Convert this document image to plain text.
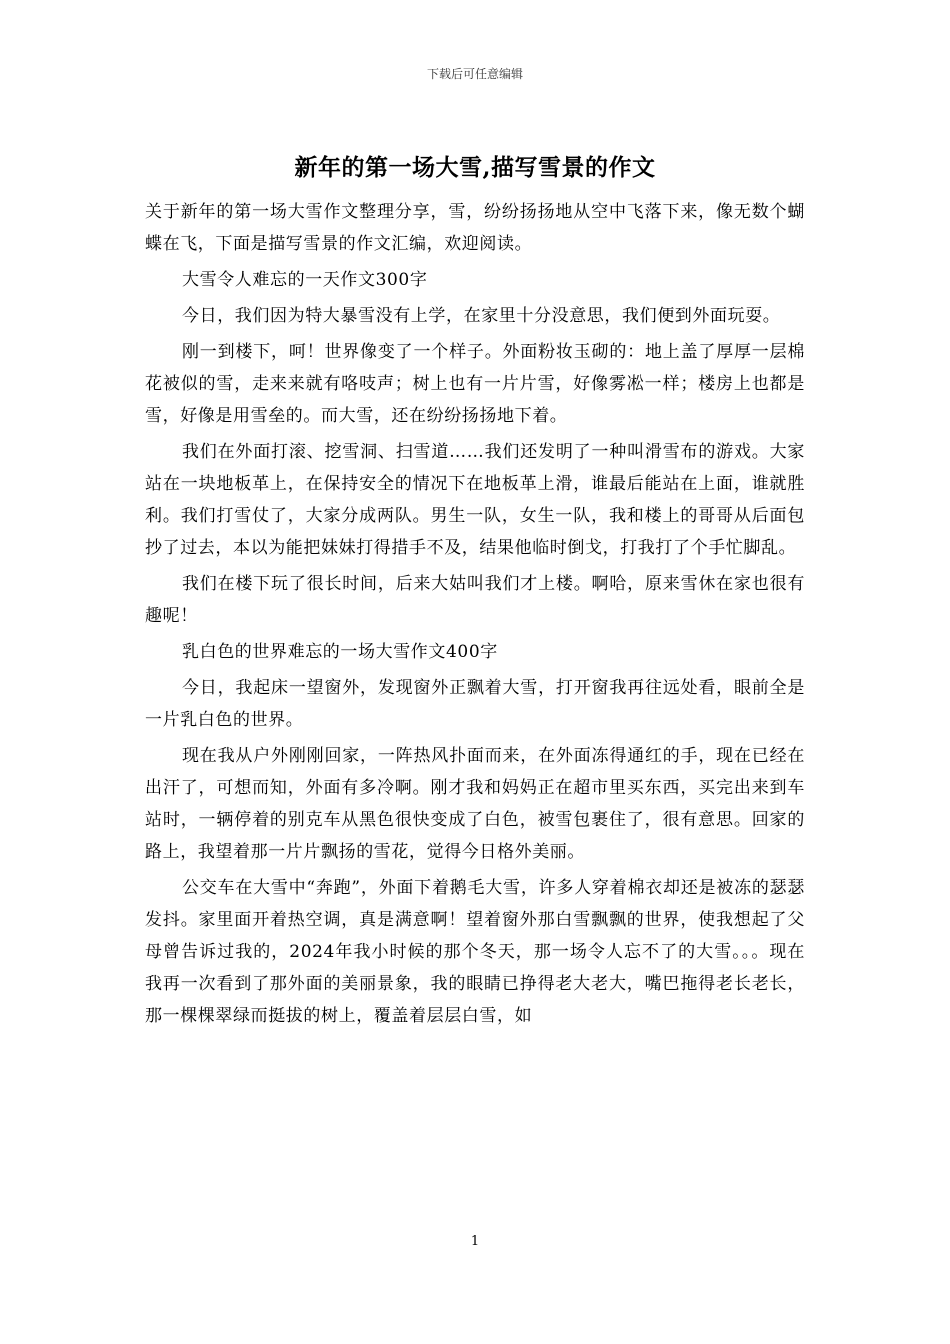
下载后可任意编辑
新年的第一场大雪,描写雪景的作文

关于新年的第一场大雪作文整理分享，雪，纷纷扬扬地从空中飞落下来，像无数个蝴蝶在飞，下面是描写雪景的作文汇编，欢迎阅读。

大雪令人难忘的一天作文300字

今日，我们因为特大暴雪没有上学，在家里十分没意思，我们便到外面玩耍。

刚一到楼下，呵！世界像变了一个样子。外面粉妆玉砌的：地上盖了厚厚一层棉花被似的雪，走来来就有咯吱声；树上也有一片片雪，好像雾凇一样；楼房上也都是雪，好像是用雪垒的。而大雪，还在纷纷扬扬地下着。

我们在外面打滚、挖雪洞、扫雪道……我们还发明了一种叫滑雪布的游戏。大家站在一块地板革上，在保持安全的情况下在地板革上滑，谁最后能站在上面，谁就胜利。我们打雪仗了，大家分成两队。男生一队，女生一队，我和楼上的哥哥从后面包抄了过去，本以为能把妹妹打得措手不及，结果他临时倒戈，打我打了个手忙脚乱。

我们在楼下玩了很长时间，后来大姑叫我们才上楼。啊哈，原来雪休在家也很有趣呢！

乳白色的世界难忘的一场大雪作文400字

今日，我起床一望窗外，发现窗外正飘着大雪，打开窗我再往远处看，眼前全是一片乳白色的世界。

现在我从户外刚刚回家，一阵热风扑面而来，在外面冻得通红的手，现在已经在出汗了，可想而知，外面有多冷啊。刚才我和妈妈正在超市里买东西，买完出来到车站时，一辆停着的别克车从黑色很快变成了白色，被雪包裹住了，很有意思。回家的路上，我望着那一片片飘扬的雪花，觉得今日格外美丽。

公交车在大雪中“奔跑”，外面下着鹅毛大雪，许多人穿着棉衣却还是被冻的瑟瑟发抖。家里面开着热空调，真是满意啊！望着窗外那白雪飘飘的世界，使我想起了父母曾告诉过我的，2024年我小时候的那个冬天，那一场令人忘不了的大雪。。。现在我再一次看到了那外面的美丽景象，我的眼睛已挣得老大老大，嘴巴拖得老长老长，那一棵棵翠绿而挺拔的树上，覆盖着层层白雪，如

1
